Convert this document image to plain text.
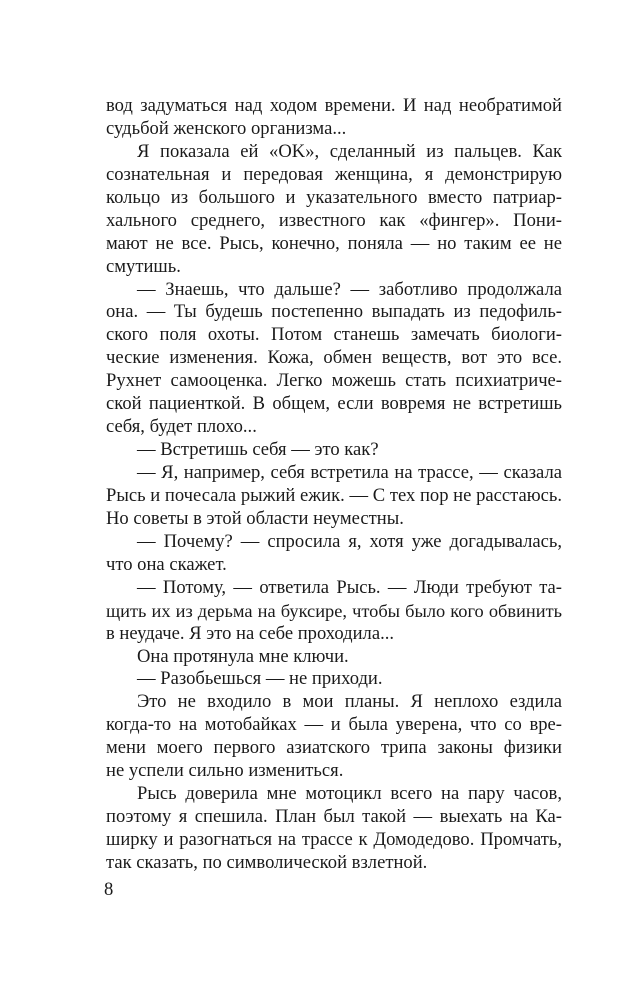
вод задуматься над ходом времени. И над необратимой
судьбой женского организма...
Я показала ей «OK», сделанный из пальцев. Как
сознательная и передовая женщина, я демонстрирую
кольцо из большого и указательного вместо патриар-
хального среднего, известного как «фингер». Пони-
мают не все. Рысь, конечно, поняла — но таким ее не
смутишь.
— Знаешь, что дальше? — заботливо продолжала
она. — Ты будешь постепенно выпадать из педофиль-
ского поля охоты. Потом станешь замечать биологи-
ческие изменения. Кожа, обмен веществ, вот это все.
Рухнет самооценка. Легко можешь стать психиатриче-
ской пациенткой. В общем, если вовремя не встретишь
себя, будет плохо...
— Встретишь себя — это как?
— Я, например, себя встретила на трассе, — сказала
Рысь и почесала рыжий ежик. — С тех пор не расстаюсь.
Но советы в этой области неуместны.
— Почему? — спросила я, хотя уже догадывалась,
что она скажет.
— Потому, — ответила Рысь. — Люди требуют та-
щить их из дерьма на буксире, чтобы было кого обвинить
в неудаче. Я это на себе проходила...
Она протянула мне ключи.
— Разобьешься — не приходи.
Это не входило в мои планы. Я неплохо ездила
когда-то на мотобайках — и была уверена, что со вре-
мени моего первого азиатского трипа законы физики
не успели сильно измениться.
Рысь доверила мне мотоцикл всего на пару часов,
поэтому я спешила. План был такой — выехать на Ка-
ширку и разогнаться на трассе к Домодедово. Промчать,
так сказать, по символической взлетной.
8
